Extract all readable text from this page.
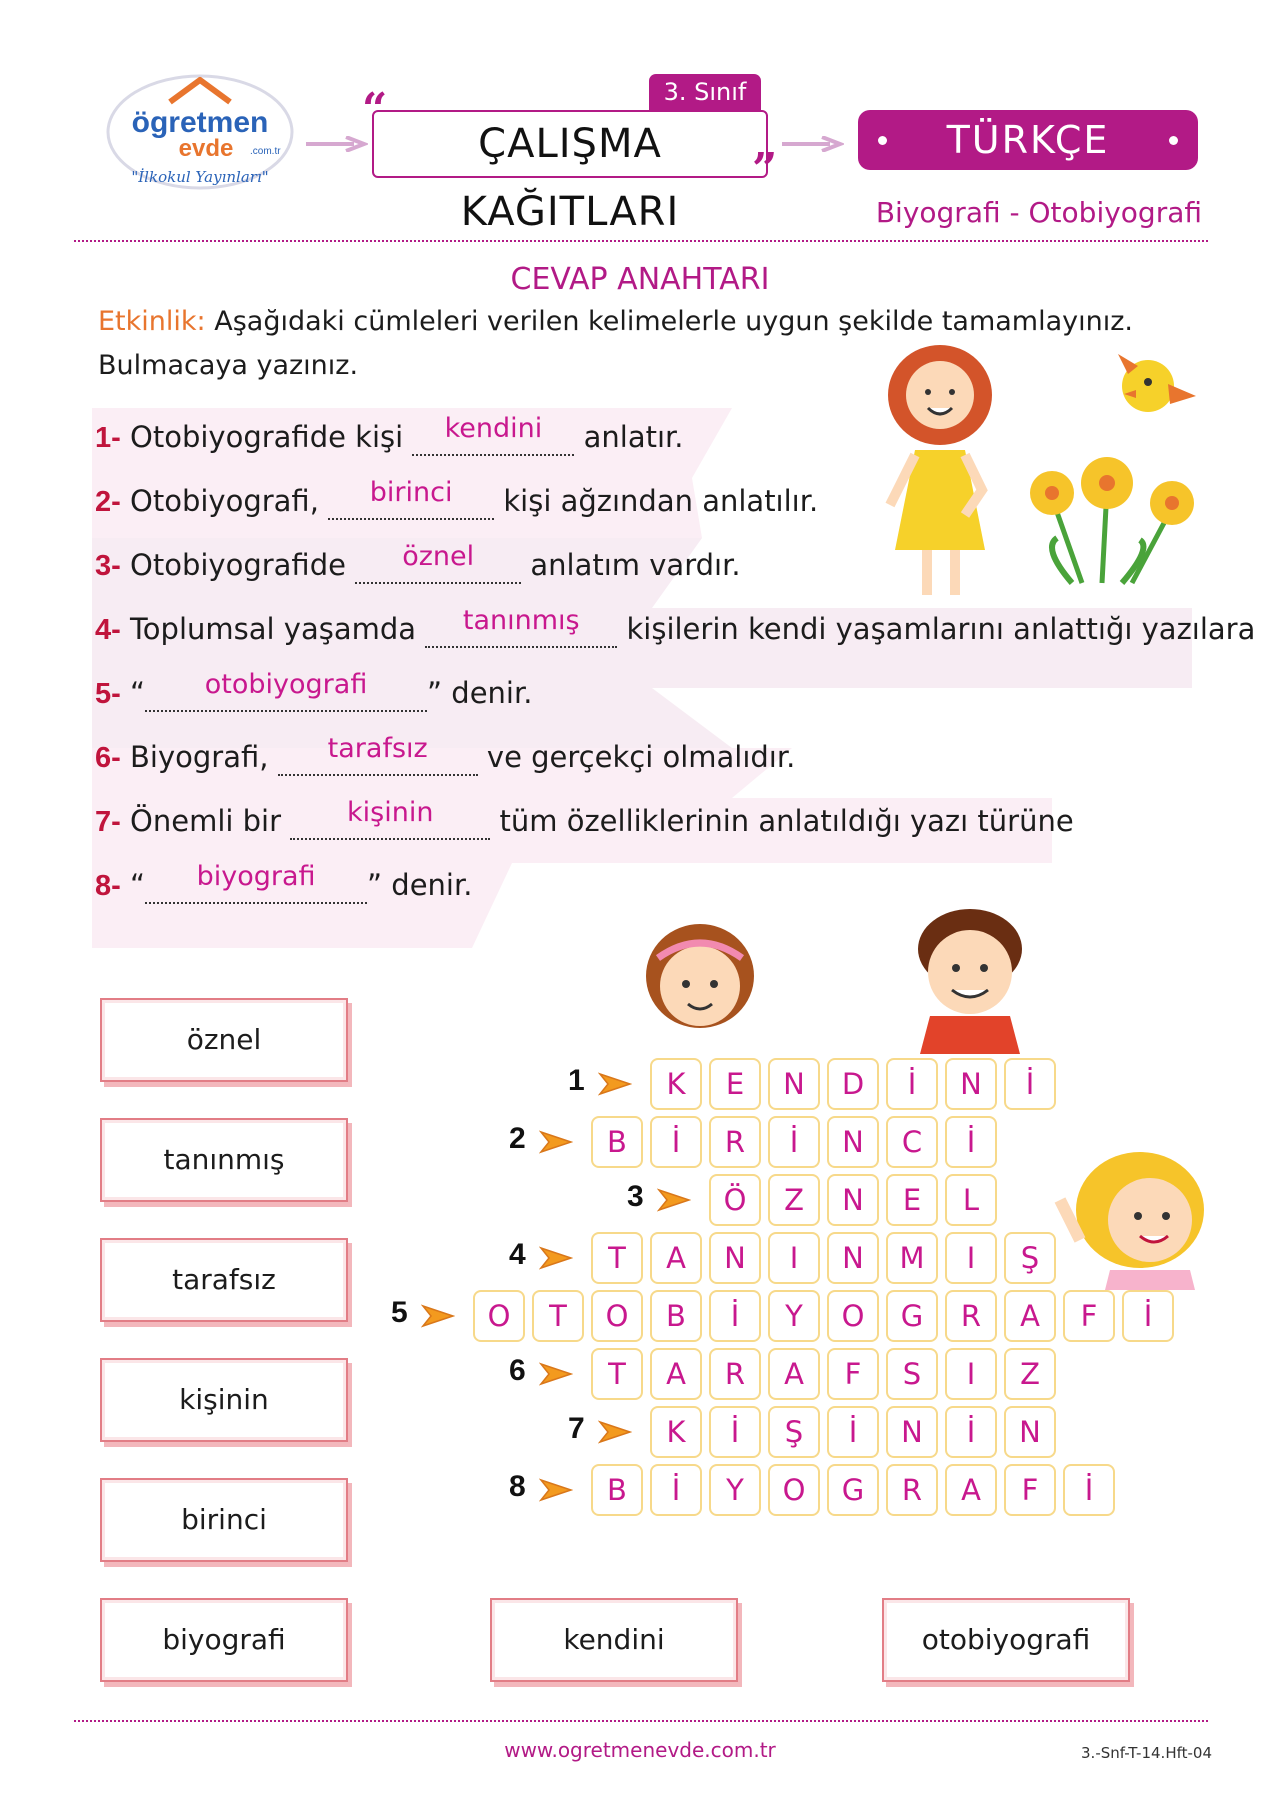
ögretmen
evde .com.tr
"İlkokul Yayınları"
3. Sınıf
ÇALIŞMA KAĞITLARI
“
”
TÜRKÇE
Biyografi - Otobiyografi
CEVAP ANAHTARI
Etkinlik: Aşağıdaki cümleleri verilen kelimelerle uygun şekilde tamamlayınız. Bulmacaya yazınız.
1- Otobiyografide kişi kendini anlatır.
2- Otobiyografi, birinci kişi ağzından anlatılır.
3- Otobiyografide öznel anlatım vardır.
4- Toplumsal yaşamda tanınmış kişilerin kendi yaşamlarını anlattığı yazılara
5- “ otobiyografi ” denir.
6- Biyografi, tarafsız ve gerçekçi olmalıdır.
7- Önemli bir kişinin tüm özelliklerinin anlatıldığı yazı türüne
8- “ biyografi ” denir.
öznel
tanınmış
tarafsız
kişinin
birinci
biyografi	kendini	otobiyografi
1	K	E	N	D	İ	N	İ
2	B	İ	R	İ	N	C	İ
3	Ö	Z	N	E	L
4	T	A	N	I	N	M	I	Ş
5	O	T	O	B	İ	Y	O	G	R	A	F	İ
6	T	A	R	A	F	S	I	Z
7	K	İ	Ş	İ	N	İ	N
8	B	İ	Y	O	G	R	A	F	İ
www.ogretmenevde.com.tr	3.-Snf-T-14.Hft-04
